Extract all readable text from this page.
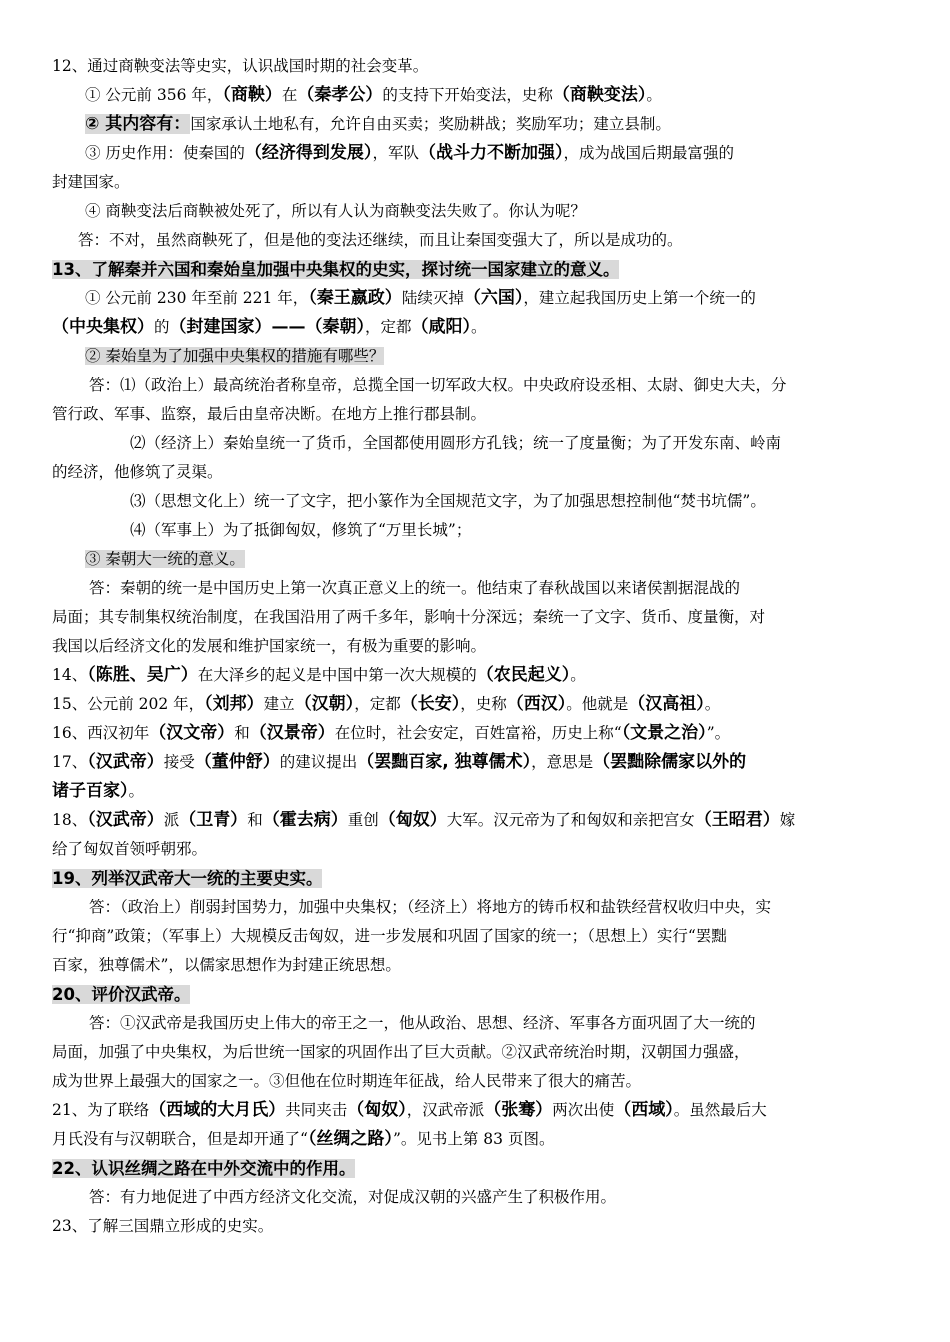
12、通过商鞅变法等史实，认识战国时期的社会变革。
① 公元前 356 年，（商鞅）在（秦孝公）的支持下开始变法，史称（商鞅变法）。
② 其内容有：国家承认土地私有，允许自由买卖；奖励耕战；奖励军功；建立县制。
③ 历史作用：使秦国的（经济得到发展），军队（战斗力不断加强），成为战国后期最富强的
封建国家。
④ 商鞅变法后商鞅被处死了，所以有人认为商鞅变法失败了。你认为呢？
答：不对，虽然商鞅死了，但是他的变法还继续，而且让秦国变强大了，所以是成功的。
13、了解秦并六国和秦始皇加强中央集权的史实，探讨统一国家建立的意义。
① 公元前 230 年至前 221 年，（秦王嬴政）陆续灭掉（六国），建立起我国历史上第一个统一的
（中央集权）的（封建国家）——（秦朝），定都（咸阳）。
② 秦始皇为了加强中央集权的措施有哪些？
答：⑴（政治上）最高统治者称皇帝，总揽全国一切军政大权。中央政府设丞相、太尉、御史大夫，分
管行政、军事、监察，最后由皇帝决断。在地方上推行郡县制。
⑵（经济上）秦始皇统一了货币，全国都使用圆形方孔钱；统一了度量衡；为了开发东南、岭南
的经济，他修筑了灵渠。
⑶（思想文化上）统一了文字，把小篆作为全国规范文字，为了加强思想控制他“焚书坑儒”。
⑷（军事上）为了抵御匈奴，修筑了“万里长城”；
③ 秦朝大一统的意义。
答：秦朝的统一是中国历史上第一次真正意义上的统一。他结束了春秋战国以来诸侯割据混战的
局面；其专制集权统治制度，在我国沿用了两千多年，影响十分深远；秦统一了文字、货币、度量衡，对
我国以后经济文化的发展和维护国家统一，有极为重要的影响。
14、（陈胜、吴广）在大泽乡的起义是中国中第一次大规模的（农民起义）。
15、公元前 202 年，（刘邦）建立（汉朝），定都（长安），史称（西汉）。他就是（汉高祖）。
16、西汉初年（汉文帝）和（汉景帝）在位时，社会安定，百姓富裕，历史上称“（文景之治）”。
17、（汉武帝）接受（董仲舒）的建议提出（罢黜百家, 独尊儒术），意思是（罢黜除儒家以外的
诸子百家）。
18、（汉武帝）派（卫青）和（霍去病）重创（匈奴）大军。汉元帝为了和匈奴和亲把宫女（王昭君）嫁
给了匈奴首领呼朝邪。
19、列举汉武帝大一统的主要史实。
答：（政治上）削弱封国势力，加强中央集权；（经济上）将地方的铸币权和盐铁经营权收归中央，实
行“抑商”政策；（军事上）大规模反击匈奴，进一步发展和巩固了国家的统一；（思想上）实行“罢黜
百家，独尊儒术”，以儒家思想作为封建正统思想。
20、评价汉武帝。
答：①汉武帝是我国历史上伟大的帝王之一，他从政治、思想、经济、军事各方面巩固了大一统的
局面，加强了中央集权，为后世统一国家的巩固作出了巨大贡献。②汉武帝统治时期，汉朝国力强盛，
成为世界上最强大的国家之一。③但他在位时期连年征战，给人民带来了很大的痛苦。
21、为了联络（西域的大月氏）共同夹击（匈奴），汉武帝派（张骞）两次出使（西域）。虽然最后大
月氏没有与汉朝联合，但是却开通了“（丝绸之路）”。见书上第 83 页图。
22、认识丝绸之路在中外交流中的作用。
答：有力地促进了中西方经济文化交流，对促成汉朝的兴盛产生了积极作用。
23、了解三国鼎立形成的史实。
